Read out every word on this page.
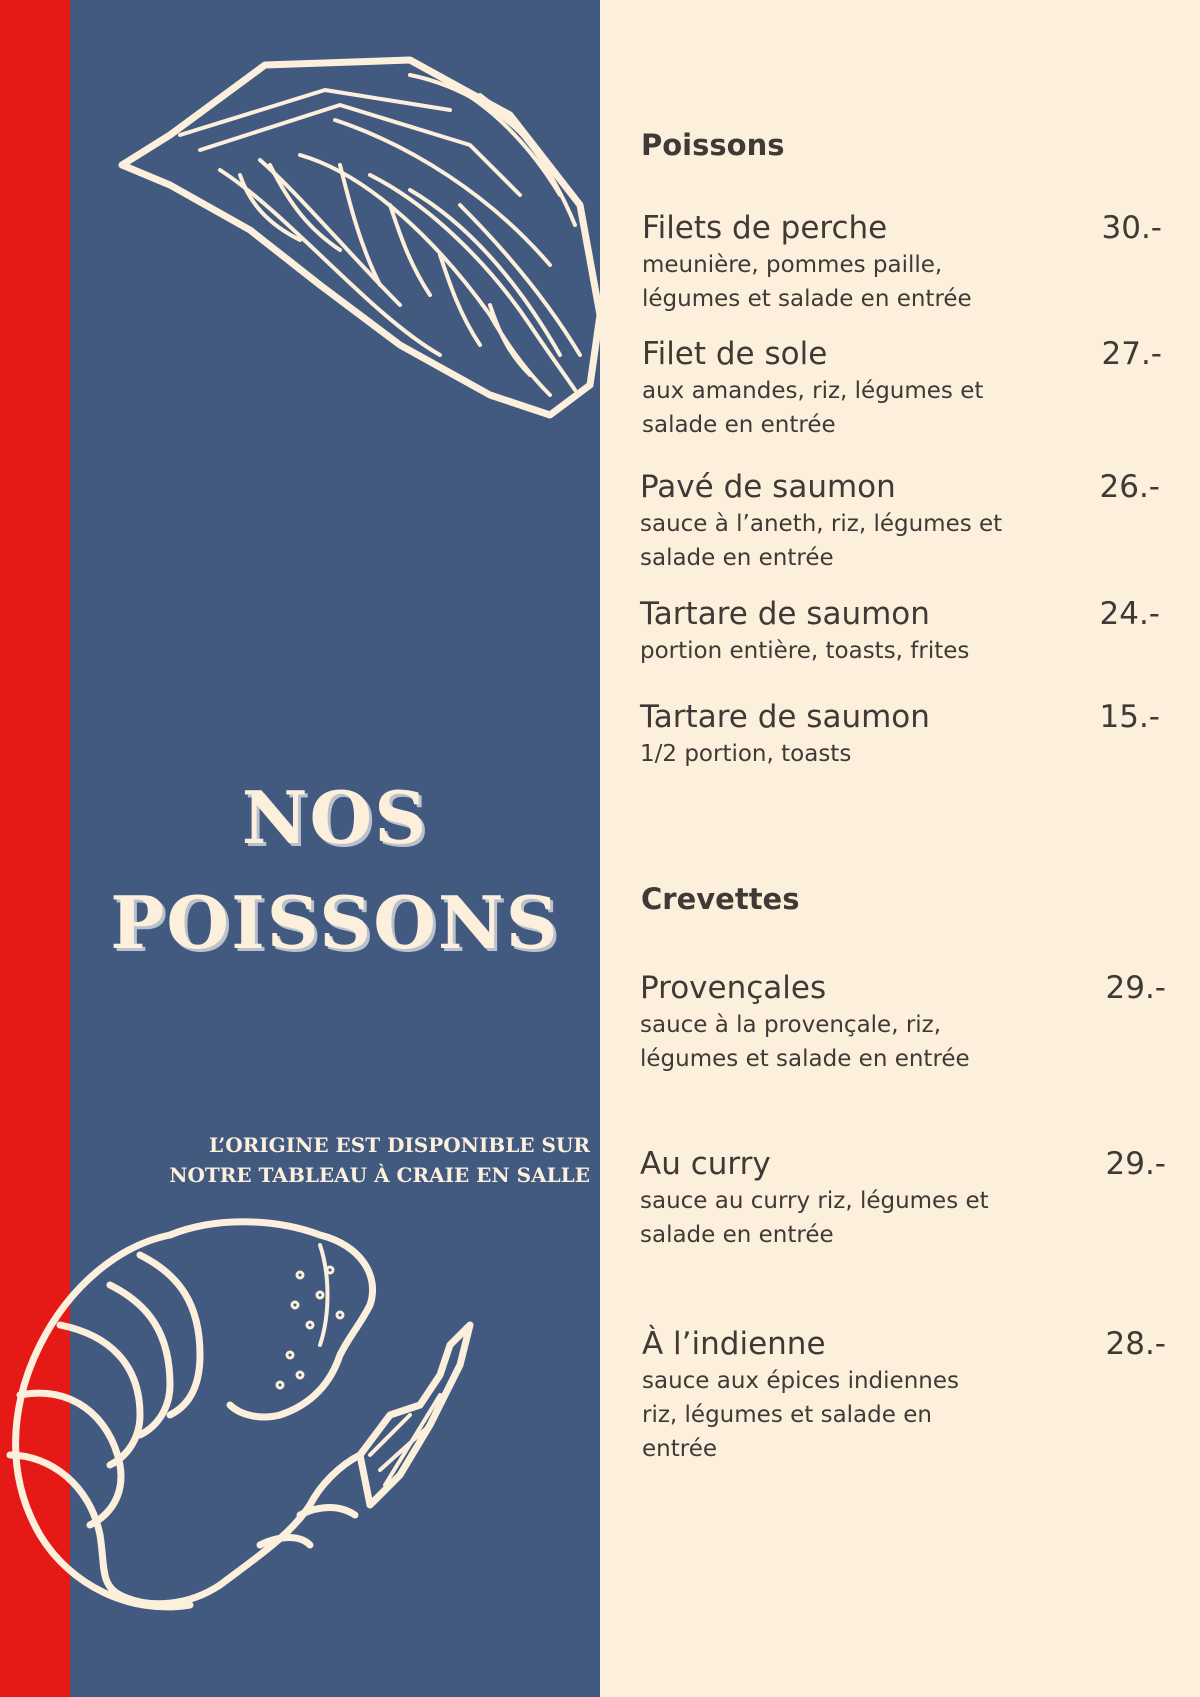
NOS
POISSONS

L’ORIGINE EST DISPONIBLE SUR NOTRE TABLEAU À CRAIE EN SALLE

Poissons
Filets de perche
meunière, pommes paille, légumes et salade en entrée
30.-
Filet de sole
aux amandes, riz, légumes et salade en entrée
27.-
Pavé de saumon
sauce à l’aneth, riz, légumes et salade en entrée
26.-
Tartare de saumon
portion entière, toasts, frites
24.-
Tartare de saumon
1/2 portion, toasts
15.-
Crevettes
Provençales
sauce à la provençale, riz, légumes et salade en entrée
29.-
Au curry
sauce au curry riz, légumes et salade en entrée
29.-
À l’indienne
sauce aux épices indiennes riz, légumes et salade en entrée
28.-
